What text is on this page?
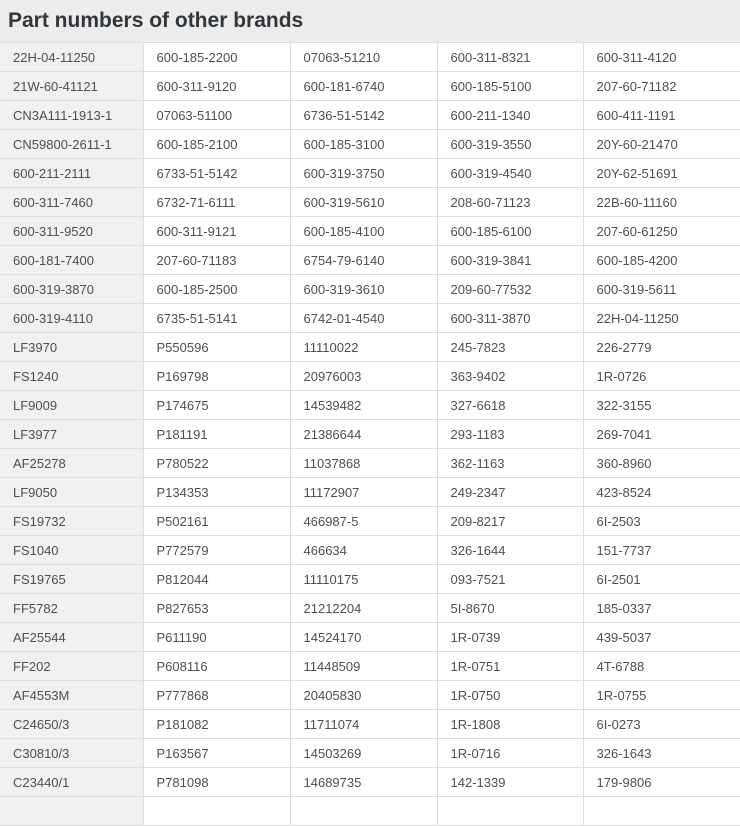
Part numbers of other brands
22H-04-11250	600-185-2200	07063-51210	600-311-8321	600-311-4120
21W-60-41121	600-311-9120	600-181-6740	600-185-5100	207-60-71182
CN3A111-1913-1	07063-51100	6736-51-5142	600-211-1340	600-411-1191
CN59800-2611-1	600-185-2100	600-185-3100	600-319-3550	20Y-60-21470
600-211-2111	6733-51-5142	600-319-3750	600-319-4540	20Y-62-51691
600-311-7460	6732-71-6111	600-319-5610	208-60-71123	22B-60-11160
600-311-9520	600-311-9121	600-185-4100	600-185-6100	207-60-61250
600-181-7400	207-60-71183	6754-79-6140	600-319-3841	600-185-4200
600-319-3870	600-185-2500	600-319-3610	209-60-77532	600-319-5611
600-319-4110	6735-51-5141	6742-01-4540	600-311-3870	22H-04-11250
LF3970	P550596	11110022	245-7823	226-2779
FS1240	P169798	20976003	363-9402	1R-0726
LF9009	P174675	14539482	327-6618	322-3155
LF3977	P181191	21386644	293-1183	269-7041
AF25278	P780522	11037868	362-1163	360-8960
LF9050	P134353	11172907	249-2347	423-8524
FS19732	P502161	466987-5	209-8217	6I-2503
FS1040	P772579	466634	326-1644	151-7737
FS19765	P812044	11110175	093-7521	6I-2501
FF5782	P827653	21212204	5I-8670	185-0337
AF25544	P611190	14524170	1R-0739	439-5037
FF202	P608116	11448509	1R-0751	4T-6788
AF4553M	P777868	20405830	1R-0750	1R-0755
C24650/3	P181082	11711074	1R-1808	6I-0273
C30810/3	P163567	14503269	1R-0716	326-1643
C23440/1	P781098	14689735	142-1339	179-9806
